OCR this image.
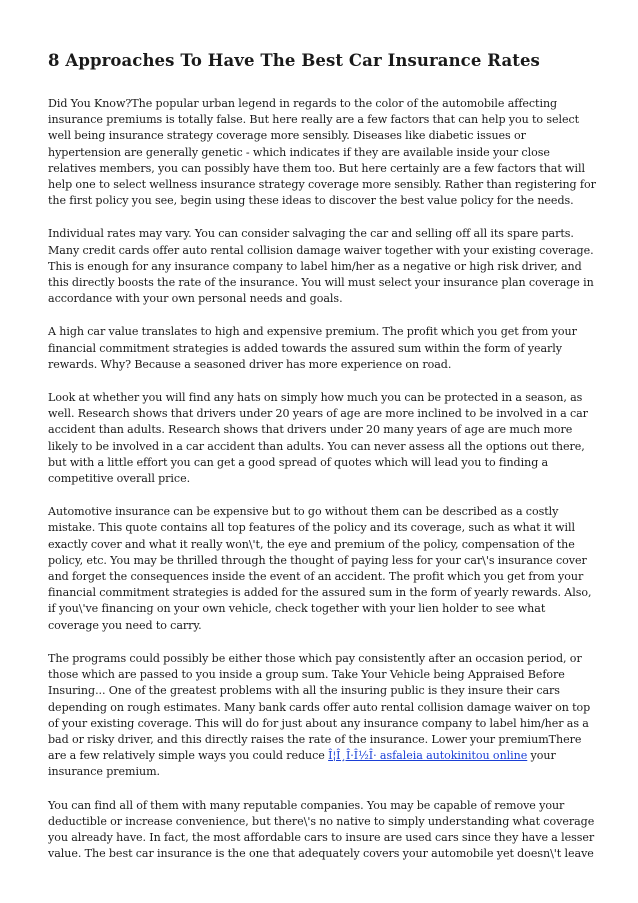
8 Approaches To Have The Best Car Insurance Rates

Did You Know?The popular urban legend in regards to the color of the automobile affecting insurance premiums is totally false. But here really are a few factors that can help you to select well being insurance strategy coverage more sensibly. Diseases like diabetic issues or hypertension are generally genetic - which indicates if they are available inside your close relatives members, you can possibly have them too. But here certainly are a few factors that will help one to select wellness insurance strategy coverage more sensibly. Rather than registering for the first policy you see, begin using these ideas to discover the best value policy for the needs.

Individual rates may vary. You can consider salvaging the car and selling off all its spare parts. Many credit cards offer auto rental collision damage waiver together with your existing coverage. This is enough for any insurance company to label him/her as a negative or high risk driver, and this directly boosts the rate of the insurance. You will must select your insurance plan coverage in accordance with your own personal needs and goals.

A high car value translates to high and expensive premium. The profit which you get from your financial commitment strategies is added towards the assured sum within the form of yearly rewards. Why? Because a seasoned driver has more experience on road.

Look at whether you will find any hats on simply how much you can be protected in a season, as well. Research shows that drivers under 20 years of age are more inclined to be involved in a car accident than adults. Research shows that drivers under 20 many years of age are much more likely to be involved in a car accident than adults. You can never assess all the options out there, but with a little effort you can get a good spread of quotes which will lead you to finding a competitive overall price.

Automotive insurance can be expensive but to go without them can be described as a costly mistake. This quote contains all top features of the policy and its coverage, such as what it will exactly cover and what it really won\'t, the eye and premium of the policy, compensation of the policy, etc. You may be thrilled through the thought of paying less for your car\'s insurance cover and forget the consequences inside the event of an accident. The profit which you get from your financial commitment strategies is added for the assured sum in the form of yearly rewards. Also, if you\'ve financing on your own vehicle, check together with your lien holder to see what coverage you need to carry.

The programs could possibly be either those which pay consistently after an occasion period, or those which are passed to you inside a group sum. Take Your Vehicle being Appraised Before Insuring... One of the greatest problems with all the insuring public is they insure their cars depending on rough estimates. Many bank cards offer auto rental collision damage waiver on top of your existing coverage. This will do for just about any insurance company to label him/her as a bad or risky driver, and this directly raises the rate of the insurance. Lower your premiumThere are a few relatively simple ways you could reduce Î¦Î¸Î·Î½Î· asfaleia autokinitou online your insurance premium.

You can find all of them with many reputable companies. You may be capable of remove your deductible or increase convenience, but there\'s no native to simply understanding what coverage you already have. In fact, the most affordable cars to insure are used cars since they have a lesser value. The best car insurance is the one that adequately covers your automobile yet doesn\'t leave
